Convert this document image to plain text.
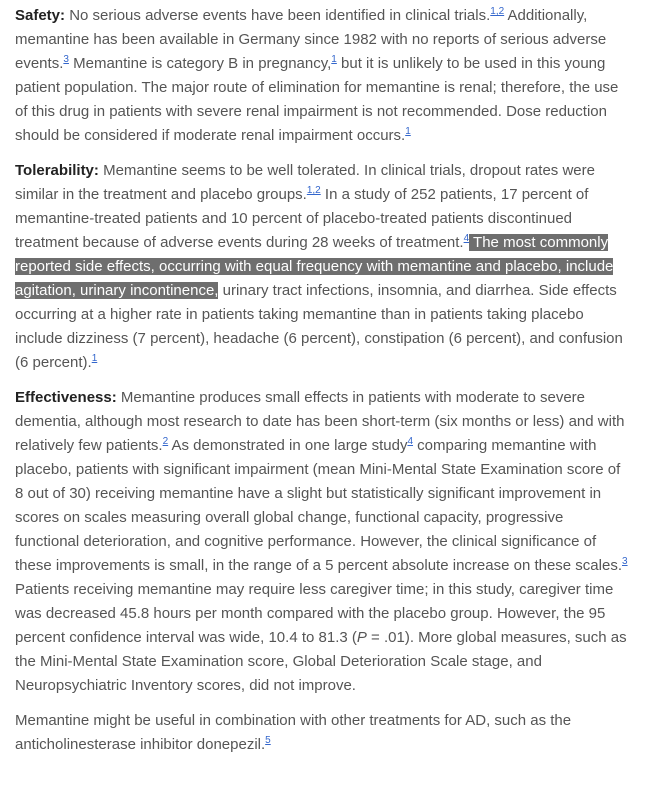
Safety: No serious adverse events have been identified in clinical trials.$^{1,2}$ Additionally, memantine has been available in Germany since 1982 with no reports of serious adverse events.$^3$ Memantine is category B in pregnancy,$^1$ but it is unlikely to be used in this young patient population. The major route of elimination for memantine is renal; therefore, the use of this drug in patients with severe renal impairment is not recommended. Dose reduction should be considered if moderate renal impairment occurs.$^1$

Tolerability: Memantine seems to be well tolerated. In clinical trials, dropout rates were similar in the treatment and placebo groups.$^{1,2}$ In a study of 252 patients, 17 percent of memantine-treated patients and 10 percent of placebo-treated patients discontinued treatment because of adverse events during 28 weeks of treatment.$^4$ The most commonly reported side effects, occurring with equal frequency with memantine and placebo, include agitation, urinary incontinence, urinary tract infections, insomnia, and diarrhea. Side effects occurring at a higher rate in patients taking memantine than in patients taking placebo include dizziness (7 percent), headache (6 percent), constipation (6 percent), and confusion (6 percent).$^1$

Effectiveness: Memantine produces small effects in patients with moderate to severe dementia, although most research to date has been short-term (six months or less) and with relatively few patients.$^2$ As demonstrated in one large study$^4$ comparing memantine with placebo, patients with significant impairment (mean Mini-Mental State Examination score of 8 out of 30) receiving memantine have a slight but statistically significant improvement in scores on scales measuring overall global change, functional capacity, progressive functional deterioration, and cognitive performance. However, the clinical significance of these improvements is small, in the range of a 5 percent absolute increase on these scales.$^3$ Patients receiving memantine may require less caregiver time; in this study, caregiver time was decreased 45.8 hours per month compared with the placebo group. However, the 95 percent confidence interval was wide, 10.4 to 81.3 (P = .01). More global measures, such as the Mini-Mental State Examination score, Global Deterioration Scale stage, and Neuropsychiatric Inventory scores, did not improve.

Memantine might be useful in combination with other treatments for AD, such as the anticholinesterase inhibitor donepezil.$^5$
